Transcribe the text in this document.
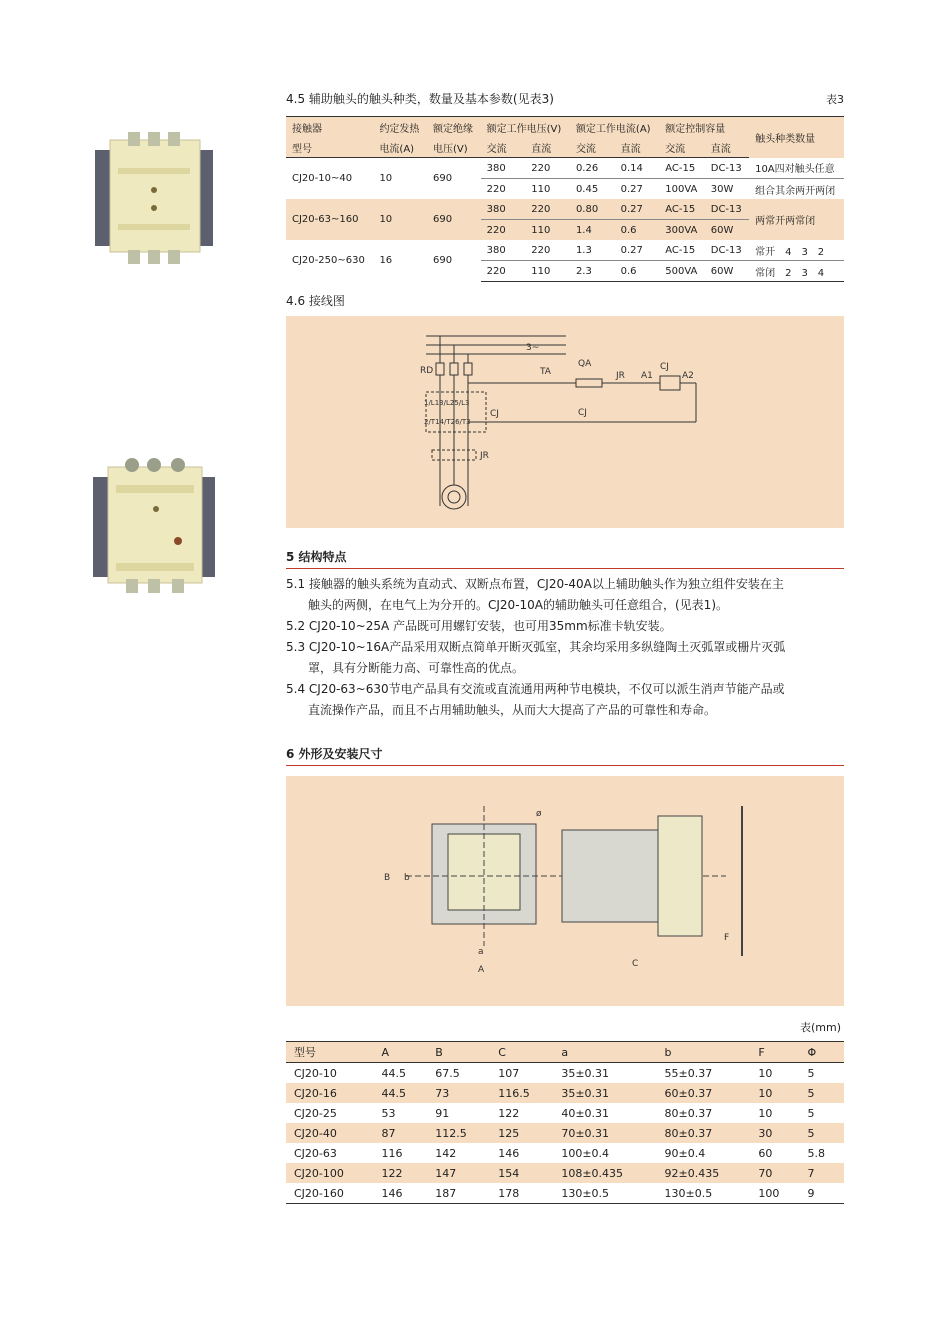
4.5 辅助触头的触头种类，数量及基本参数(见表3)	表3
接触器	约定发热	额定绝缘	额定工作电压(V)		额定工作电流(A)		额定控制容量		触头种类数量
型号	电流(A)	电压(V)	交流	直流	交流	直流	交流	直流	
CJ20-10~40	10	690	380	220	0.26	0.14	AC-15	DC-13	10A四对触头任意
			220	110	0.45	0.27	100VA	30W	组合其余两开两闭
CJ20-63~160	10	690	380	220	0.80	0.27	AC-15	DC-13	两常开两常闭
			220	110	1.4	0.6	300VA	60W	
CJ20-250~630	16	690	380	220	1.3	0.27	AC-15	DC-13	常开　4　3　2
			220	110	2.3	0.6	500VA	60W	常闭　2　3　4
4.6 接线图
3~
RD
1/L13/L25/L3
2/T14/T26/T3
CJ
JR
TA
QA
CJ
JR A1
CJ
A2
5 结构特点
5.1 接触器的触头系统为直动式、双断点布置，CJ20-40A以上辅助触头作为独立组件安装在主
触头的两侧，在电气上为分开的。CJ20-10A的辅助触头可任意组合，(见表1)。
5.2 CJ20-10~25A 产品既可用螺钉安装，也可用35mm标准卡轨安装。
5.3 CJ20-10~16A产品采用双断点简单开断灭弧室，其余均采用多纵缝陶土灭弧罩或栅片灭弧
罩，具有分断能力高、可靠性高的优点。
5.4 CJ20-63~630节电产品具有交流或直流通用两种节电模块，不仅可以派生消声节能产品或
直流操作产品，而且不占用辅助触头，从而大大提高了产品的可靠性和寿命。
6 外形及安装尺寸
B b
a
A
ø
C
F
表(mm)
型号	A	B	C	a	b	F	Φ
CJ20-10	44.5	67.5	107	35±0.31	55±0.37	10	5
CJ20-16	44.5	73	116.5	35±0.31	60±0.37	10	5
CJ20-25	53	91	122	40±0.31	80±0.37	10	5
CJ20-40	87	112.5	125	70±0.31	80±0.37	30	5
CJ20-63	116	142	146	100±0.4	90±0.4	60	5.8
CJ20-100	122	147	154	108±0.435	92±0.435	70	7
CJ20-160	146	187	178	130±0.5	130±0.5	100	9
